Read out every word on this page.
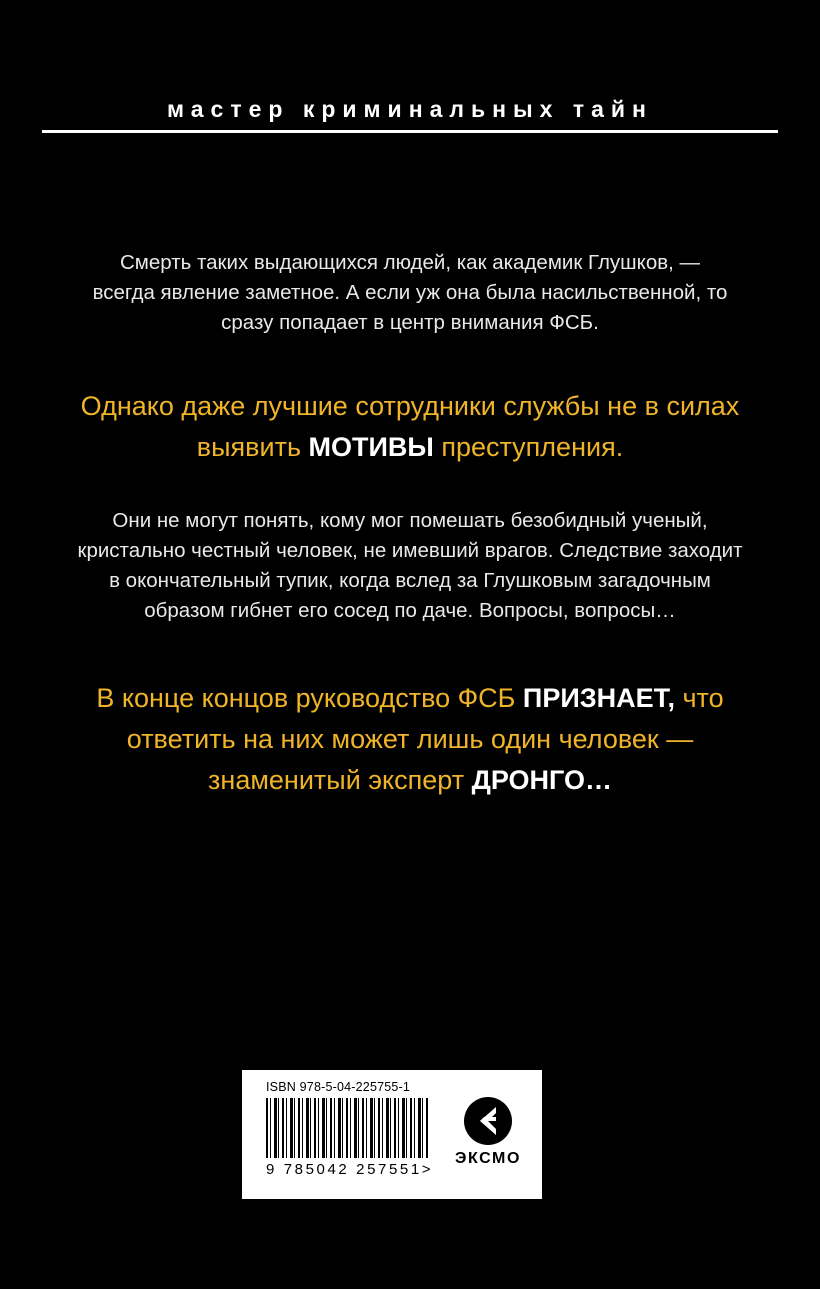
мастер криминальных тайн

Смерть таких выдающихся людей, как академик Глушков, — всегда явление заметное. А если уж она была насильственной, то сразу попадает в центр внимания ФСБ.

Однако даже лучшие сотрудники службы не в силах выявить МОТИВЫ преступления.

Они не могут понять, кому мог помешать безобидный ученый, кристально честный человек, не имевший врагов. Следствие заходит в окончательный тупик, когда вслед за Глушковым загадочным образом гибнет его сосед по даче. Вопросы, вопросы…

В конце концов руководство ФСБ ПРИЗНАЕТ, что ответить на них может лишь один человек — знаменитый эксперт ДРОНГО…

ISBN 978-5-04-225755-1
9 785042 257551>
ЭКСМО
